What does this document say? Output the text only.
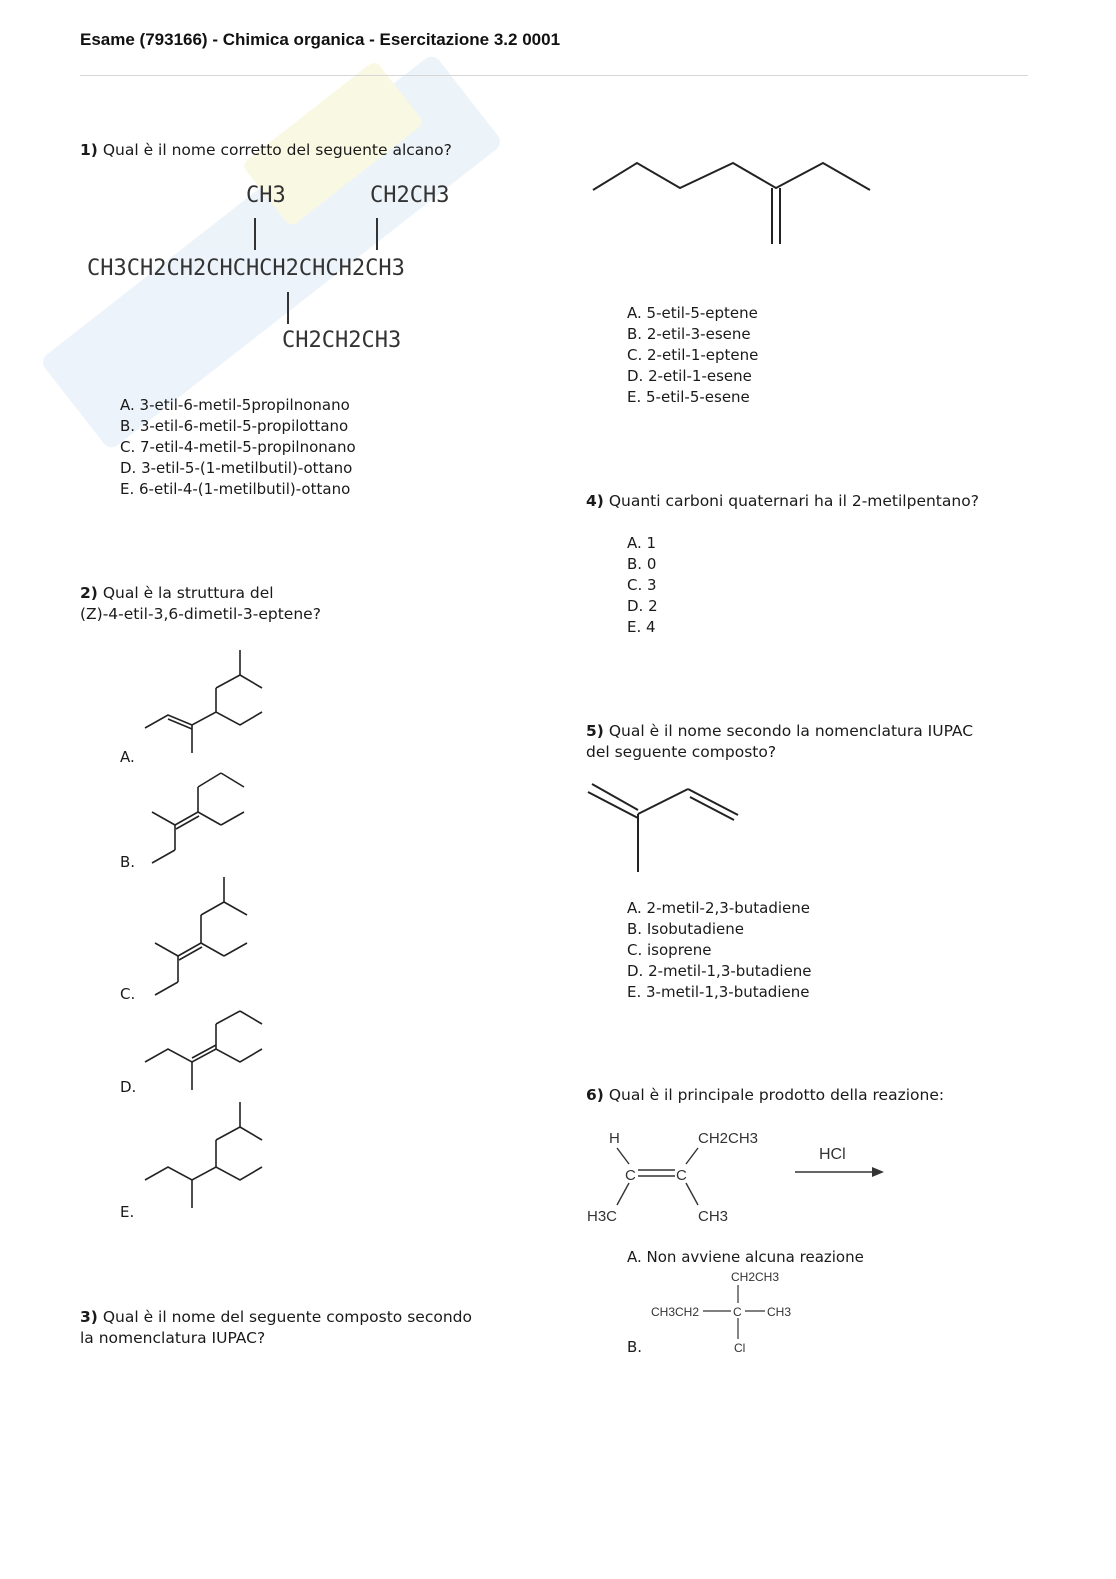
Esame (793166) - Chimica organica - Esercitazione 3.2 0001
1) Qual è il nome corretto del seguente alcano?
CH3	CH2CH3
CH3CH2CH2CHCHCH2CHCH2CH3
CH2CH2CH3
A. 3-etil-6-metil-5propilnonano
B. 3-etil-6-metil-5-propilottano
C. 7-etil-4-metil-5-propilnonano
D. 3-etil-5-(1-metilbutil)-ottano
E. 6-etil-4-(1-metilbutil)-ottano
2) Qual è la struttura del
(Z)-4-etil-3,6-dimetil-3-eptene?
A.
B.
C.
D.
E.
3) Qual è il nome del seguente composto secondo
la nomenclatura IUPAC?
A. 5-etil-5-eptene
B. 2-etil-3-esene
C. 2-etil-1-eptene
D. 2-etil-1-esene
E. 5-etil-5-esene
4) Quanti carboni quaternari ha il 2-metilpentano?
A. 1
B. 0
C. 3
D. 2
E. 4
5) Qual è il nome secondo la nomenclatura IUPAC
del seguente composto?
A. 2-metil-2,3-butadiene
B. Isobutadiene
C. isoprene
D. 2-metil-1,3-butadiene
E. 3-metil-1,3-butadiene
6) Qual è il principale prodotto della reazione:
H	CH2CH3
C	C
H3C	CH3
HCl
A. Non avviene alcuna reazione
CH2CH3
CH3CH2	C CH3
Cl
B.
